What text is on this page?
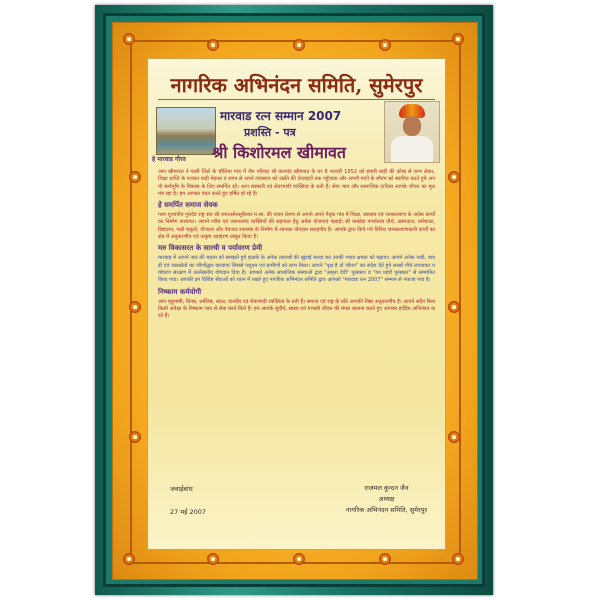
नागरिक अभिनंदन समिति, सुमेरपुर
हे मारवाड गौरव
मारवाड रत्न सम्मान 2007
प्रशस्ति - पत्र
श्री किशोरमल खीमावत

आप खीमावत ने पाली जिले के चौलिया गांव में जैन परिवार श्री वालचंद खीमावत के घर 8 फरवरी 1952 को हमारी बाड़ी की कोख से जन्म लेकर, शिक्षा प्राप्ति के पश्चात कड़ी मेहनत व लगन से अपने व्यवसाय को उन्नति की ऊँचाइयों तक पहुँचाया और अपनी माटी के सौरभ को स्थापित करते हुये अपनी कर्मभूमि के विकास के लिए समर्पित रहे। आप संस्कारी एवं सेवाभावी व्यक्तित्व के धनी हैं। सेवा भाव और सामाजिक दायित्व आपके जीवन का मूल मंत्र रहा है। हम आपका वंदन करते हुए हर्षित हो रहे हैं।

हे समर्पित समाज सेवक

परम पूज्यनीय गुरुदेव राष्ट्र संत श्री जयन्तसेनसूरीश्वर म.सा. की पावन प्रेरणा से आपने अपने पैतृक गांव में शिक्षा, स्वास्थ्य एवं जनकल्याण के अनेक कार्यों का निर्माण करवाया। आपने गरीब एवं जरूरतमंद व्यक्तियों की सहायता हेतु अनेक योजनाएं चलाईं। श्री नाकोडा पार्श्वनाथ तीर्थ, अस्पताल, धर्मशाला, विद्यालय, पक्षी चबूतरे, गौशाला और पेयजल व्यवस्था के निर्माण में आपका योगदान सराहनीय है। आपके द्वारा किये गये विविध जनकल्याणकारी कार्यों का क्षेत्र में अनुकरणीय एवं उत्कृष्ट उदाहरण प्रस्तुत किया है।

मरु विकासरत के सारथी व पर्यावरण प्रेमी

मारवाड़ में आपने जल की महत्ता को समझते हुये इलाके के अनेक तालाबों की खुदाई करवा कर उनकी भराव क्षमता को बढ़ाया। आपने अनेक नाडी, बावड़ी एवं जलस्रोतों का जीर्णोद्धार करवाया जिससे पशुधन एवं ग्रामीणों को लाभ मिला। आपने "वृक्ष है तो जीवन" का संदेश देते हुये लाखों पौधे लगवाकर पर्यावरण संरक्षण में उल्लेखनीय योगदान दिया है। आपको अनेक सामाजिक संस्थाओं द्वारा "अमृता देवी" पुरस्कार व "वन प्रहरी पुरस्कार" से सम्मानित किया गया। आपकी इन विशिष्ट सेवाओं को ध्यान में रखते हुए नागरिक अभिनंदन समिति द्वारा आपको "मारवाड रत्न 2007" सम्मान से नवाजा गया है।

निष्काम कर्मयोगी

आप मृदुभाषी, विनम्र, धर्मनिष्ठ, सरल, दानवीर एवं सेवाभावी व्यक्तित्व के धनी हैं। समाज एवं राष्ट्र के प्रति आपकी निष्ठा अनुकरणीय है। आपने सदैव बिना किसी अपेक्षा के निष्काम भाव से सेवा कार्य किये हैं। हम आपके सुदीर्घ, स्वस्थ एवं यशस्वी जीवन की मंगल कामना करते हुए आपका हार्दिक अभिनंदन करते हैं।

जवाईबांध
27 मई 2007
राजमल कुन्दन जैन
अध्यक्ष
नागरिक अभिनंदन समिति, सुमेरपुर
